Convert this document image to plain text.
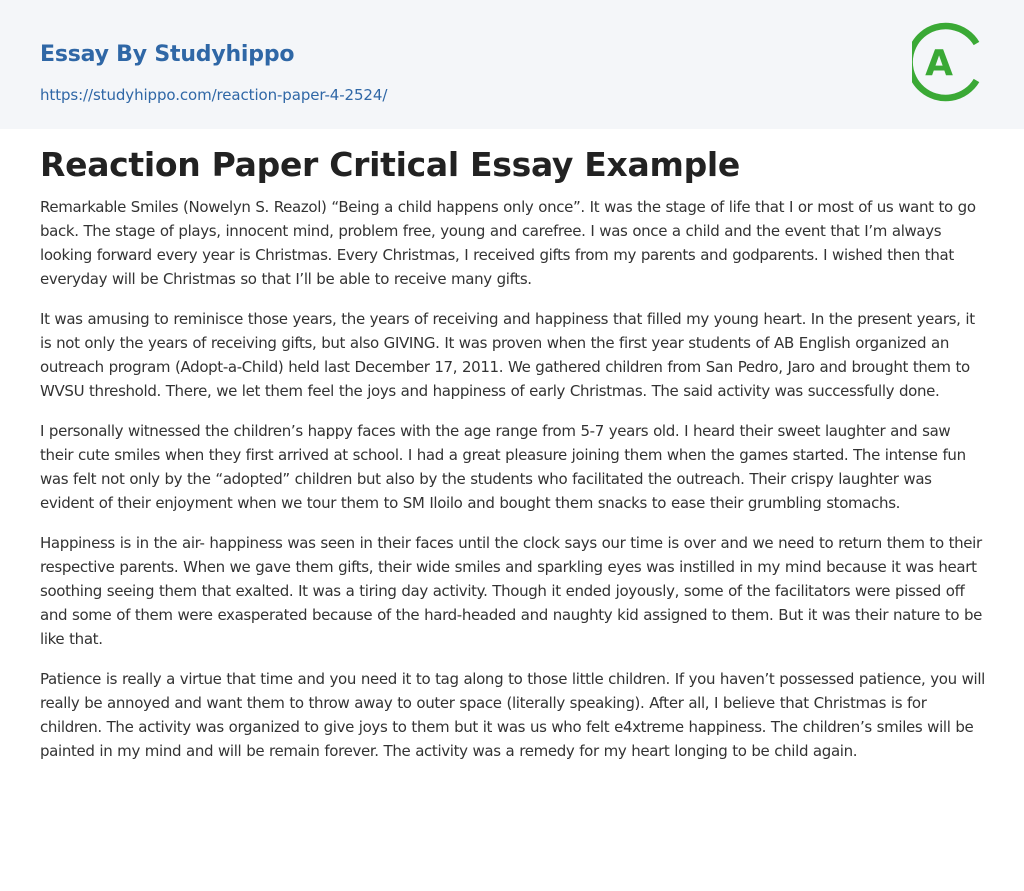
Essay By Studyhippo
https://studyhippo.com/reaction-paper-4-2524/
A
Reaction Paper Critical Essay Example

Remarkable Smiles (Nowelyn S. Reazol) “Being a child happens only once”. It was the stage of life that I or most of us want to go back. The stage of plays, innocent mind, problem free, young and carefree. I was once a child and the event that I’m always looking forward every year is Christmas. Every Christmas, I received gifts from my parents and godparents. I wished then that everyday will be Christmas so that I’ll be able to receive many gifts.

It was amusing to reminisce those years, the years of receiving and happiness that filled my young heart. In the present years, it is not only the years of receiving gifts, but also GIVING. It was proven when the first year students of AB English organized an outreach program (Adopt-a-Child) held last December 17, 2011. We gathered children from San Pedro, Jaro and brought them to WVSU threshold. There, we let them feel the joys and happiness of early Christmas. The said activity was successfully done.

I personally witnessed the children’s happy faces with the age range from 5-7 years old. I heard their sweet laughter and saw their cute smiles when they first arrived at school. I had a great pleasure joining them when the games started. The intense fun was felt not only by the “adopted” children but also by the students who facilitated the outreach. Their crispy laughter was evident of their enjoyment when we tour them to SM Iloilo and bought them snacks to ease their grumbling stomachs.

Happiness is in the air- happiness was seen in their faces until the clock says our time is over and we need to return them to their respective parents. When we gave them gifts, their wide smiles and sparkling eyes was instilled in my mind because it was heart soothing seeing them that exalted. It was a tiring day activity. Though it ended joyously, some of the facilitators were pissed off and some of them were exasperated because of the hard-headed and naughty kid assigned to them. But it was their nature to be like that.

Patience is really a virtue that time and you need it to tag along to those little children. If you haven’t possessed patience, you will really be annoyed and want them to throw away to outer space (literally speaking). After all, I believe that Christmas is for children. The activity was organized to give joys to them but it was us who felt e4xtreme happiness. The children’s smiles will be painted in my mind and will be remain forever. The activity was a remedy for my heart longing to be child again.
